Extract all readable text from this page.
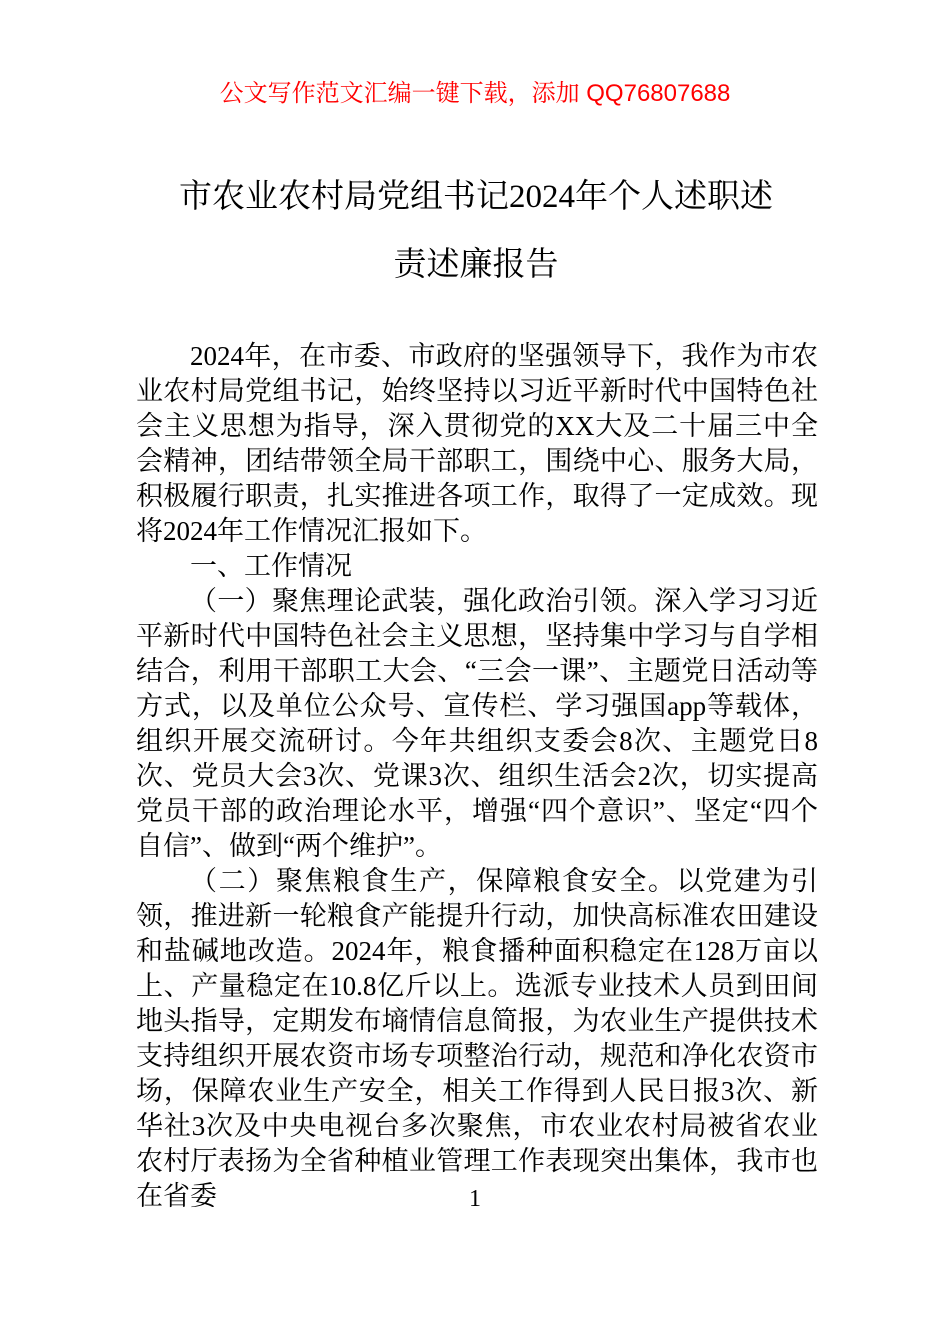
公文写作范文汇编一键下载，添加 QQ76807688
市农业农村局党组书记2024年个人述职述
责述廉报告

2024年，在市委、市政府的坚强领导下，我作为市农业农村局党组书记，始终坚持以习近平新时代中国特色社会主义思想为指导，深入贯彻党的XX大及二十届三中全会精神，团结带领全局干部职工，围绕中心、服务大局，积极履行职责，扎实推进各项工作，取得了一定成效。现将2024年工作情况汇报如下。

一、工作情况

（一）聚焦理论武装，强化政治引领。深入学习习近平新时代中国特色社会主义思想，坚持集中学习与自学相结合，利用干部职工大会、“三会一课”、主题党日活动等方式，以及单位公众号、宣传栏、学习强国app等载体，组织开展交流研讨。今年共组织支委会8次、主题党日8次、党员大会3次、党课3次、组织生活会2次，切实提高党员干部的政治理论水平，增强“四个意识”、坚定“四个自信”、做到“两个维护”。

（二）聚焦粮食生产，保障粮食安全。以党建为引领，推进新一轮粮食产能提升行动，加快高标准农田建设和盐碱地改造。2024年，粮食播种面积稳定在128万亩以上、产量稳定在10.8亿斤以上。选派专业技术人员到田间地头指导，定期发布墒情信息简报，为农业生产提供技术支持组织开展农资市场专项整治行动，规范和净化农资市场，保障农业生产安全，相关工作得到人民日报3次、新华社3次及中央电视台多次聚焦，市农业农村局被省农业农村厅表扬为全省种植业管理工作表现突出集体，我市也在省委	1
